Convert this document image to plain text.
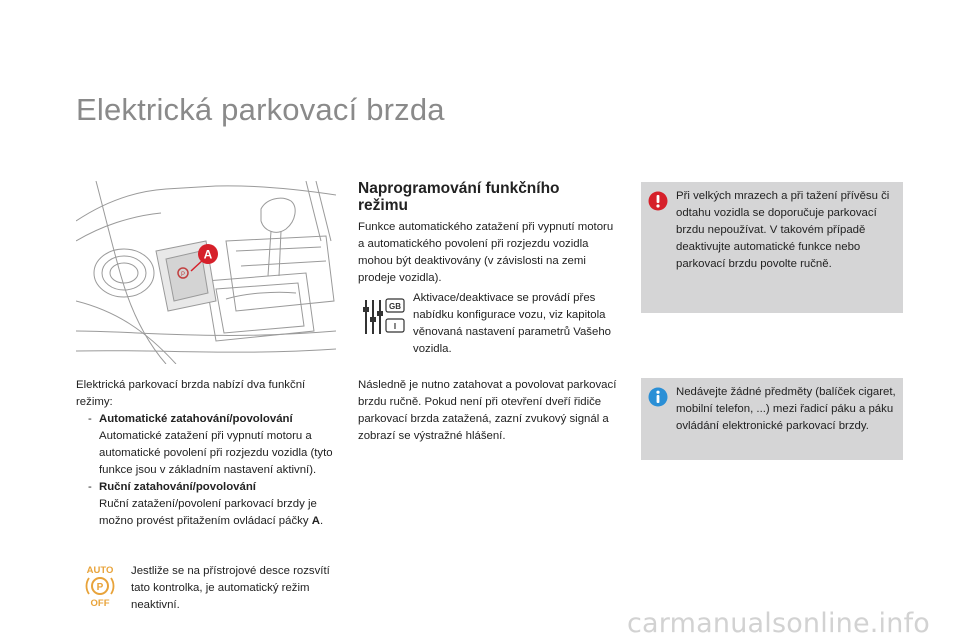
Elektrická parkovací brzda
P
A
Elektrická parkovací brzda nabízí dva funkční režimy:
- Automatické zatahování/povolování
Automatické zatažení při vypnutí motoru a automatické povolení při rozjezdu vozidla (tyto funkce jsou v základním nastavení aktivní).
- Ruční zatahování/povolování
Ruční zatažení/povolení parkovací brzdy je možno provést přitažením ovládací páčky A.
AUTO
P
OFF
Jestliže se na přístrojové desce rozsvítí tato kontrolka, je automatický režim neaktivní.
Naprogramování funkčního režimu
Funkce automatického zatažení při vypnutí motoru a automatického povolení při rozjezdu vozidla mohou být deaktivovány (v závislosti na zemi prodeje vozidla).
GB
I
Aktivace/deaktivace se provádí přes nabídku konfigurace vozu, viz kapitola věnovaná nastavení parametrů Vašeho vozidla.
Následně je nutno zatahovat a povolovat parkovací brzdu ručně. Pokud není při otevření dveří řidiče parkovací brzda zatažená, zazní zvukový signál a zobrazí se výstražné hlášení.
Při velkých mrazech a při tažení přívěsu či odtahu vozidla se doporučuje parkovací brzdu nepoužívat. V takovém případě deaktivujte automatické funkce nebo parkovací brzdu povolte ručně.
Nedávejte žádné předměty (balíček cigaret, mobilní telefon, ...) mezi řadicí páku a páku ovládání elektronické parkovací brzdy.
carmanualsonline.info
